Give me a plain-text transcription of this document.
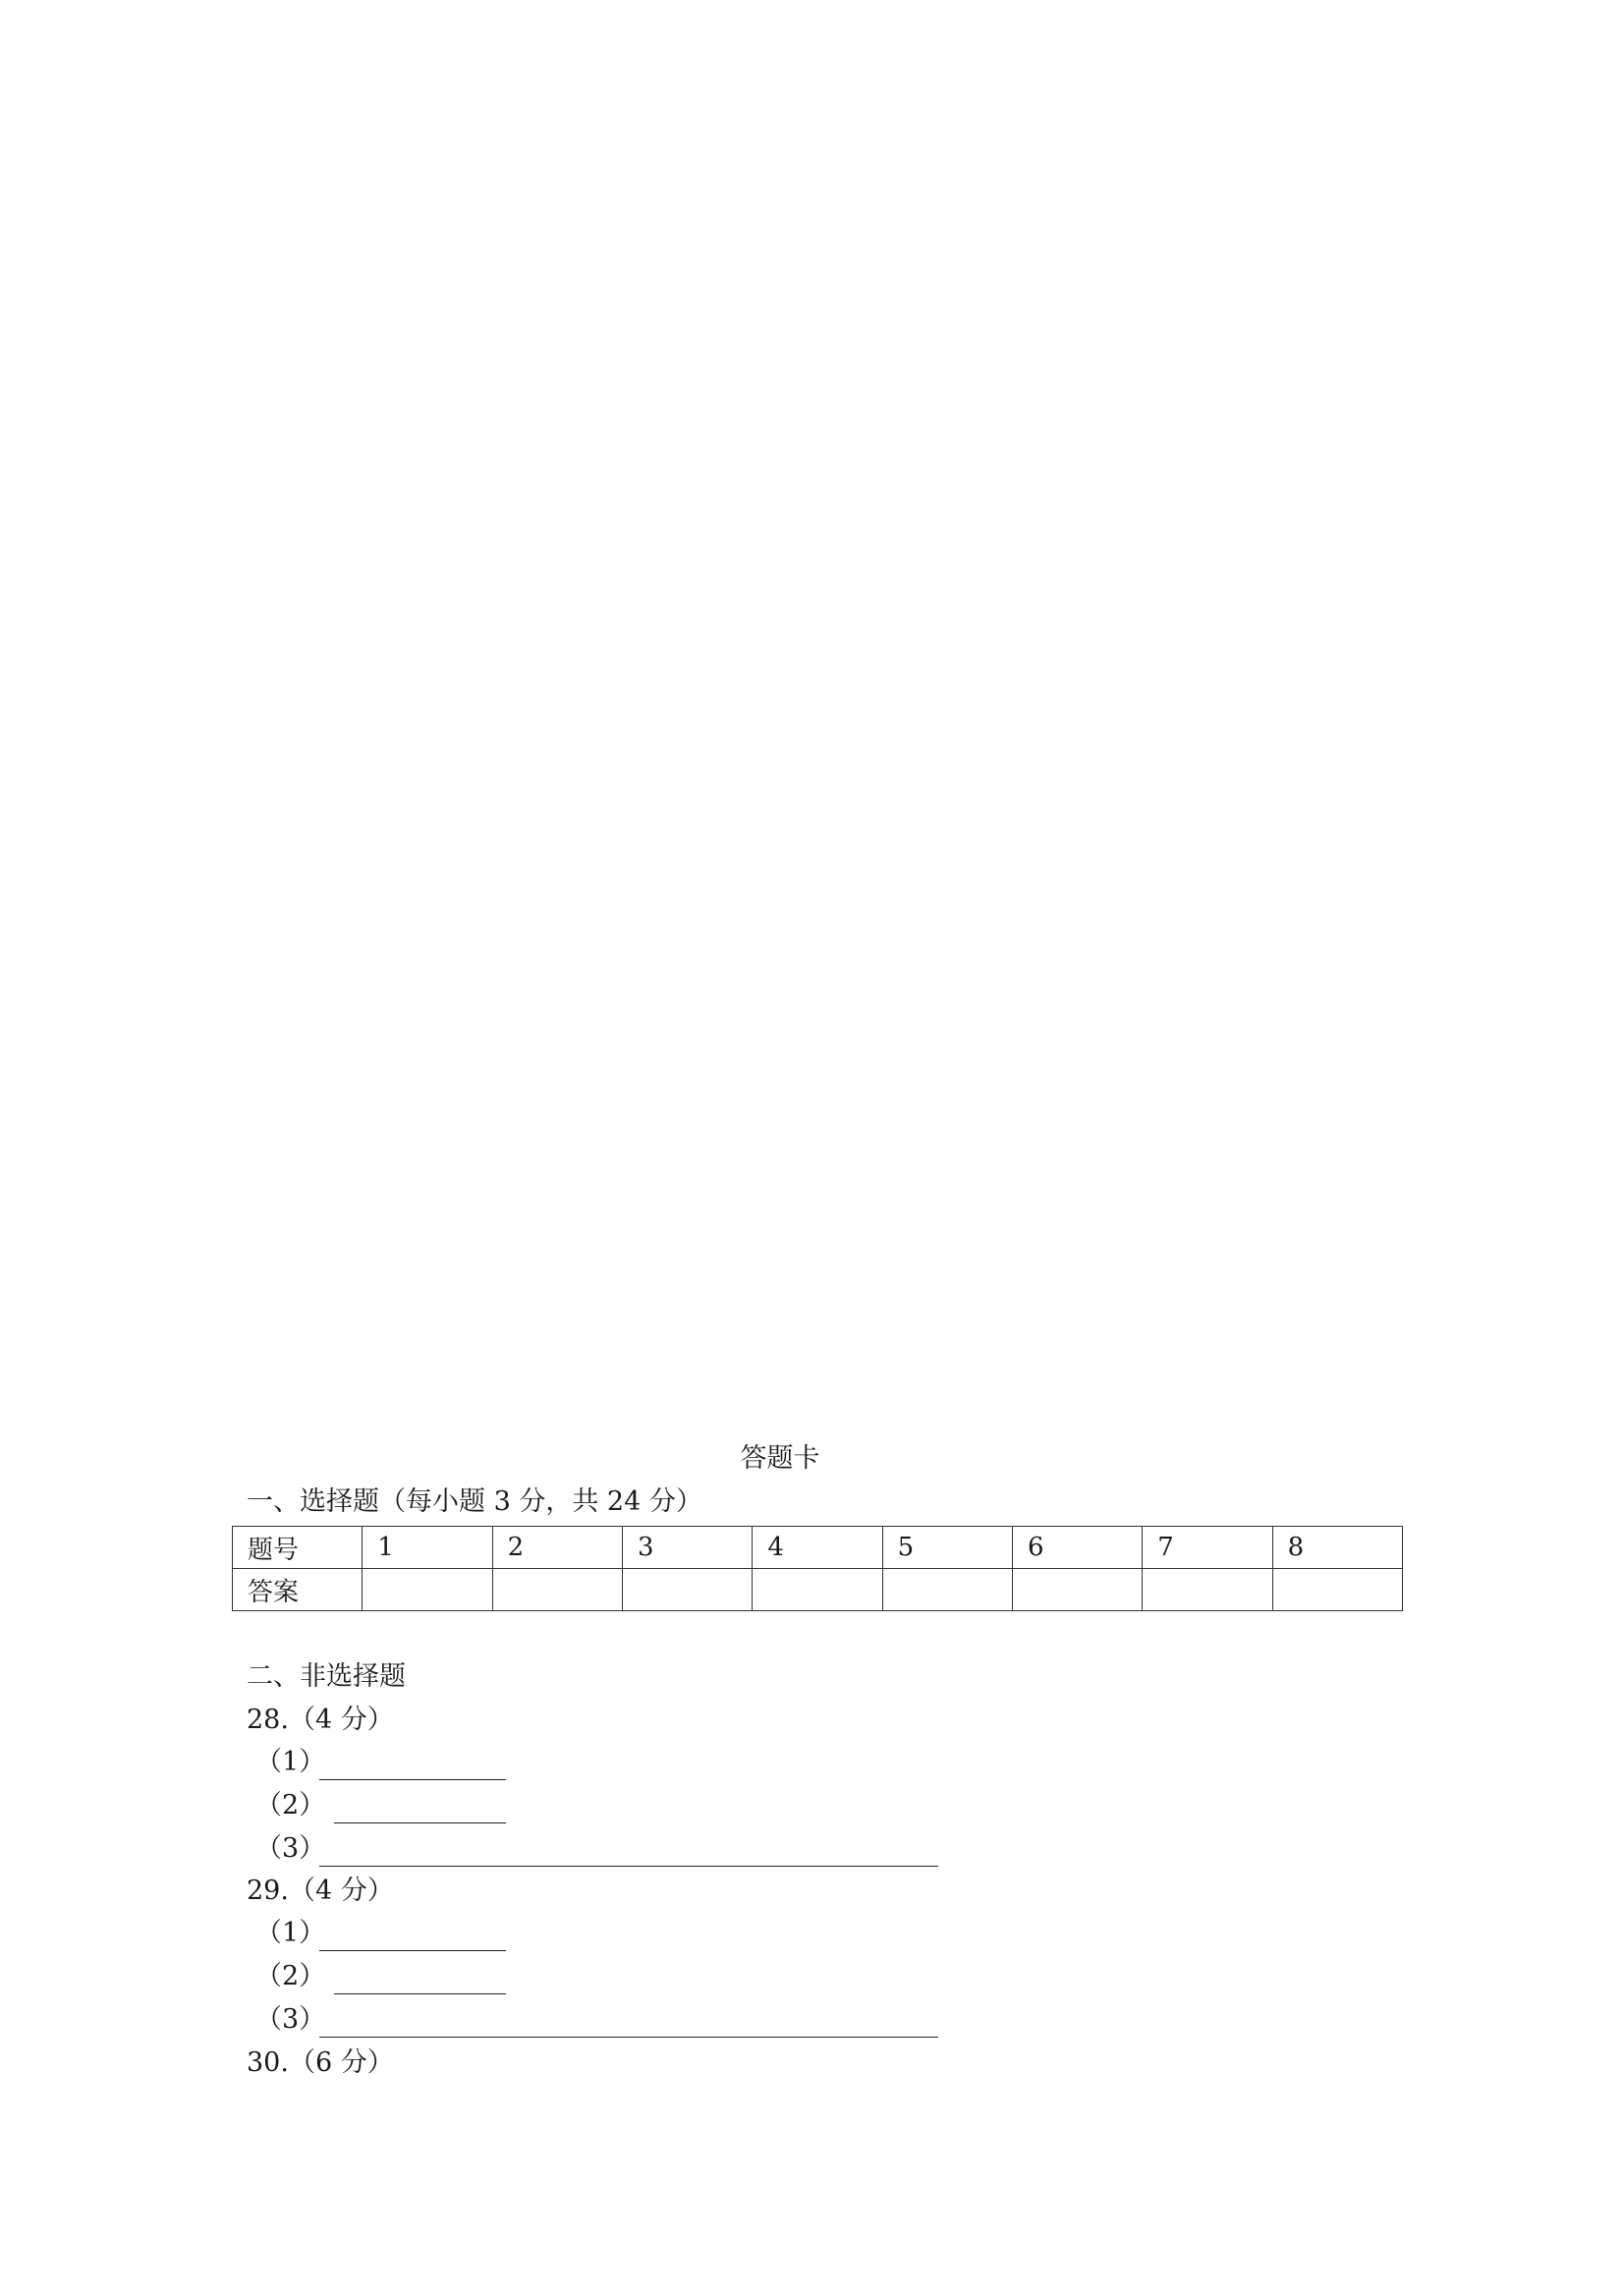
答题卡
一、选择题（每小题 3 分，共 24 分）
题号	1	2	3	4	5	6	7	8
答案								
二、非选择题
28.（4 分）
（1）
（2）
（3）
29.（4 分）
（1）
（2）
（3）
30.（6 分）
